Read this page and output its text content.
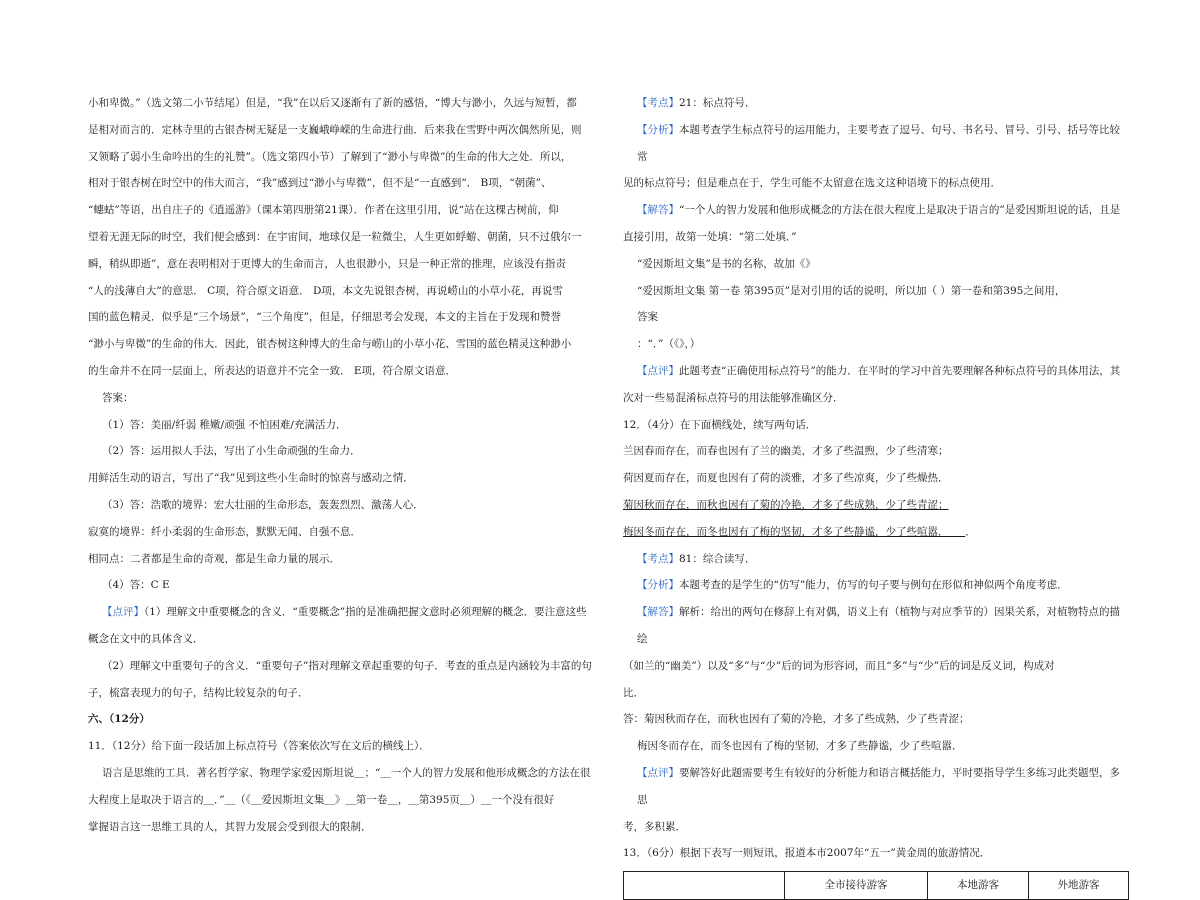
小和卑微。”（选文第二小节结尾）但是，“我”在以后又逐渐有了新的感悟，“博大与渺小，久远与短暂，都

是相对而言的．定林寺里的古银杏树无疑是一支巍峨峥嵘的生命进行曲．后来我在雪野中两次偶然所见，则

又领略了弱小生命吟出的生的礼赞”。（选文第四小节）了解到了“渺小与卑微”的生命的伟大之处．所以，

相对于银杏树在时空中的伟大而言，“我”感到过“渺小与卑微”，但不是“一直感到”． B项，“朝菌”、

“蟪蛄”等语，出自庄子的《逍遥游》（课本第四册第21课）．作者在这里引用，说“站在这棵古树前，仰

望着无涯无际的时空，我们便会感到：在宇宙间，地球仅是一粒微尘，人生更如蜉蝣、朝菌，只不过俄尔一

瞬，稍纵即逝”，意在表明相对于更博大的生命而言，人也很渺小，只是一种正常的推理，应该没有指责

“人的浅薄自大”的意思． C项，符合原文语意． D项，本文先说银杏树，再说崂山的小草小花，再说雪

国的蓝色精灵．似乎是“三个场景”，“三个角度”，但是，仔细思考会发现，本文的主旨在于发现和赞誉

“渺小与卑微”的生命的伟大．因此，银杏树这种博大的生命与崂山的小草小花、雪国的蓝色精灵这种渺小

的生命并不在同一层面上，所表达的语意并不完全一致． E项，符合原文语意．

答案：

（1）答：美丽/纤弱 稚嫩/顽强 不怕困难/充满活力．

（2）答：运用拟人手法，写出了小生命顽强的生命力．

用鲜活生动的语言，写出了“我”见到这些小生命时的惊喜与感动之情．

（3）答：浩歌的境界：宏大壮丽的生命形态，轰轰烈烈、激荡人心．

寂寞的境界：纤小柔弱的生命形态，默默无闻、自强不息．

相同点：二者都是生命的奇观，都是生命力量的展示．

（4）答：C E

【点评】（1）理解文中重要概念的含义．“重要概念”指的是准确把握文意时必须理解的概念．要注意这些

概念在文中的具体含义．

（2）理解文中重要句子的含义．“重要句子”指对理解文章起重要的句子．考查的重点是内涵较为丰富的句

子，梳富表现力的句子，结构比较复杂的句子．

六、（12分）

11．（12分）给下面一段话加上标点符号（答案依次写在文后的横线上）．

语言是思维的工具．著名哲学家、物理学家爱因斯坦说＿；“＿一个人的智力发展和他形成概念的方法在很

大程度上是取决于语言的＿．”＿（《＿爱因斯坦文集＿》＿第一卷＿，＿第395页＿）＿一个没有很好

掌握语言这一思维工具的人，其智力发展会受到很大的限制．

【考点】21：标点符号．

【分析】本题考查学生标点符号的运用能力，主要考查了逗号、句号、书名号、冒号、引号、括号等比较常

见的标点符号；但是难点在于，学生可能不太留意在选文这种语境下的标点使用．

【解答】“一个人的智力发展和他形成概念的方法在很大程度上是取决于语言的”是爱因斯坦说的话，且是

直接引用，故第一处填：“第二处填．”

“爱因斯坦文集”是书的名称，故加《》

“爱因斯坦文集 第一卷 第395页”是对引用的话的说明，所以加（ ）第一卷和第395之间用，

答案

：“．”（《》，）

【点评】此题考查“正确使用标点符号”的能力．在平时的学习中首先要理解各种标点符号的具体用法，其

次对一些易混淆标点符号的用法能够准确区分．

12．（4分）在下面横线处，续写两句话．

兰因春而存在，而春也因有了兰的幽美，才多了些温煦，少了些清寒；

荷因夏而存在，而夏也因有了荷的淡雅，才多了些凉爽，少了些燥热．

菊因秋而存在，而秋也因有了菊的冷艳，才多了些成熟，少了些青涩；

梅因冬而存在，而冬也因有了梅的坚韧，才多了些静谧，少了些喧嚣． ．

【考点】81：综合读写．

【分析】本题考查的是学生的“仿写”能力，仿写的句子要与例句在形似和神似两个角度考虑．

【解答】解析：给出的两句在修辞上有对偶，语义上有（植物与对应季节的）因果关系，对植物特点的描绘

（如兰的“幽美”）以及“多”与“少”后的词为形容词，而且“多”与“少”后的词是反义词，构成对

比．

答：菊因秋而存在，而秋也因有了菊的冷艳，才多了些成熟，少了些青涩；

梅因冬而存在，而冬也因有了梅的坚韧，才多了些静谧，少了些喧嚣．

【点评】要解答好此题需要考生有较好的分析能力和语言概括能力，平时要指导学生多练习此类题型，多思

考，多积累．

13．（6分）根据下表写一则短讯，报道本市2007年“五一”黄金周的旅游情况．

	全市接待游客	本地游客	外地游客
